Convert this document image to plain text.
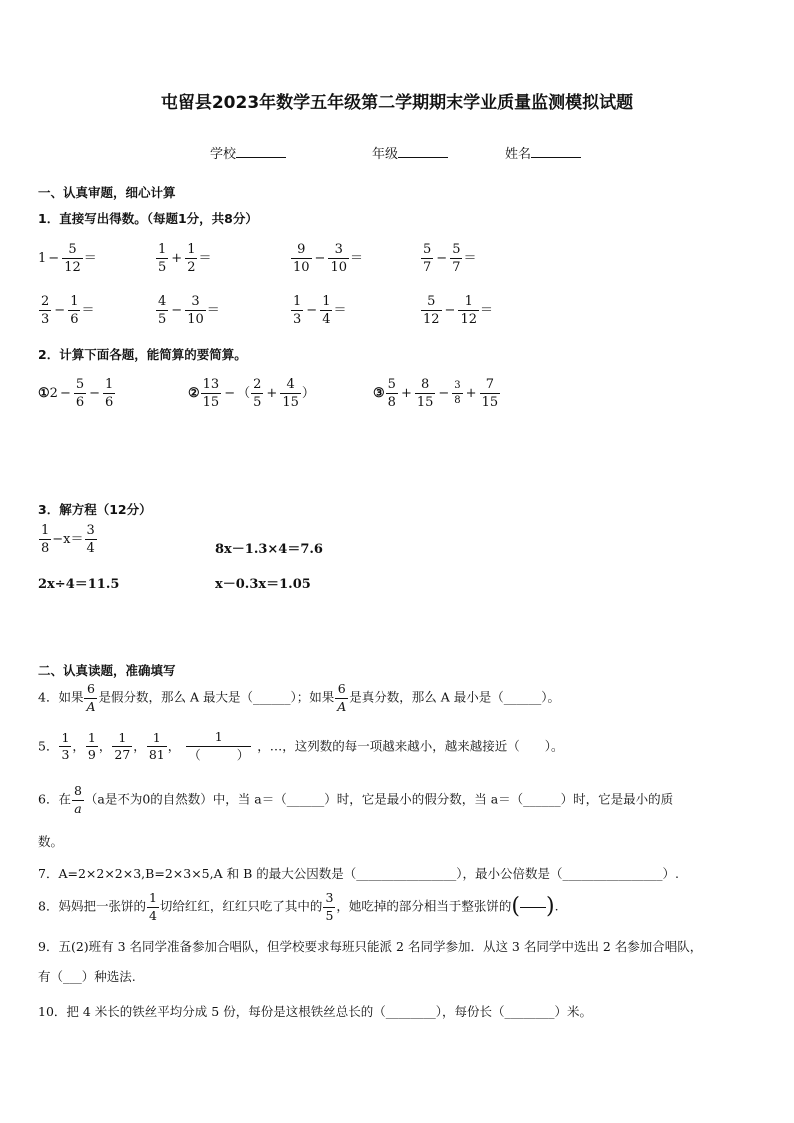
屯留县2023年数学五年级第二学期期末学业质量监测模拟试题
学校	年级	姓名
一、认真审题，细心计算
1．直接写出得数。（每题1分，共8分）
$1 - \frac{5}{12}$ ＝	$\frac{1}{5} + \frac{1}{2}$ ＝	$\frac{9}{10} - \frac{3}{10}$ ＝	$\frac{5}{7} - \frac{5}{7}$ ＝
$\frac{2}{3} - \frac{1}{6}$ ＝	$\frac{4}{5} - \frac{3}{10}$ ＝	$\frac{1}{3} - \frac{1}{4}$ ＝	$\frac{5}{12} - \frac{1}{12}$ ＝
2．计算下面各题，能简算的要简算。
①2 − $\frac{5}{6} - \frac{1}{6}$	② $\frac{13}{15}$ − （ $\frac{2}{5} + \frac{4}{15}$ ）	③ $\frac{5}{8} + \frac{8}{15} - \frac{3}{8} + \frac{7}{15}$
3．解方程（12分）
$\frac{1}{8} -x= \frac{3}{4}$	8x－1.3×4＝7.6
2x÷4＝11.5	x－0.3x＝1.05
二、认真读题，准确填写
4．如果 $\frac{6}{A}$ 是假分数，那么 A 最大是（______）；如果 $\frac{6}{A}$ 是真分数，那么 A 最小是（______）。
5． $\frac{1}{3}$ ， $\frac{1}{9}$ ， $\frac{1}{27}$ ， $\frac{1}{81}$ ， 1
（	） ，…，这列数的每一项越来越小，越来越接近（　　）。
6．在 $\frac{8}{a} (a$是不为0的自然数）中，当 a＝（______）时，它是最小的假分数，当 a＝（______）时，它是最小的质
数。
7．A=2×2×2×3,B=2×3×5,A 和 B 的最大公因数是（________________），最小公倍数是（________________）.
8．妈妈把一张饼的 $\frac{1}{4}$ 切给红红，红红只吃了其中的 $\frac{3}{5}$ ，她吃掉的部分相当于整张饼的( ).
9．五(2)班有 3 名同学准备参加合唱队，但学校要求每班只能派 2 名同学参加．从这 3 名同学中选出 2 名参加合唱队，
有（___）种选法.
10．把 4 米长的铁丝平均分成 5 份，每份是这根铁丝总长的（________），每份长（________）米。
